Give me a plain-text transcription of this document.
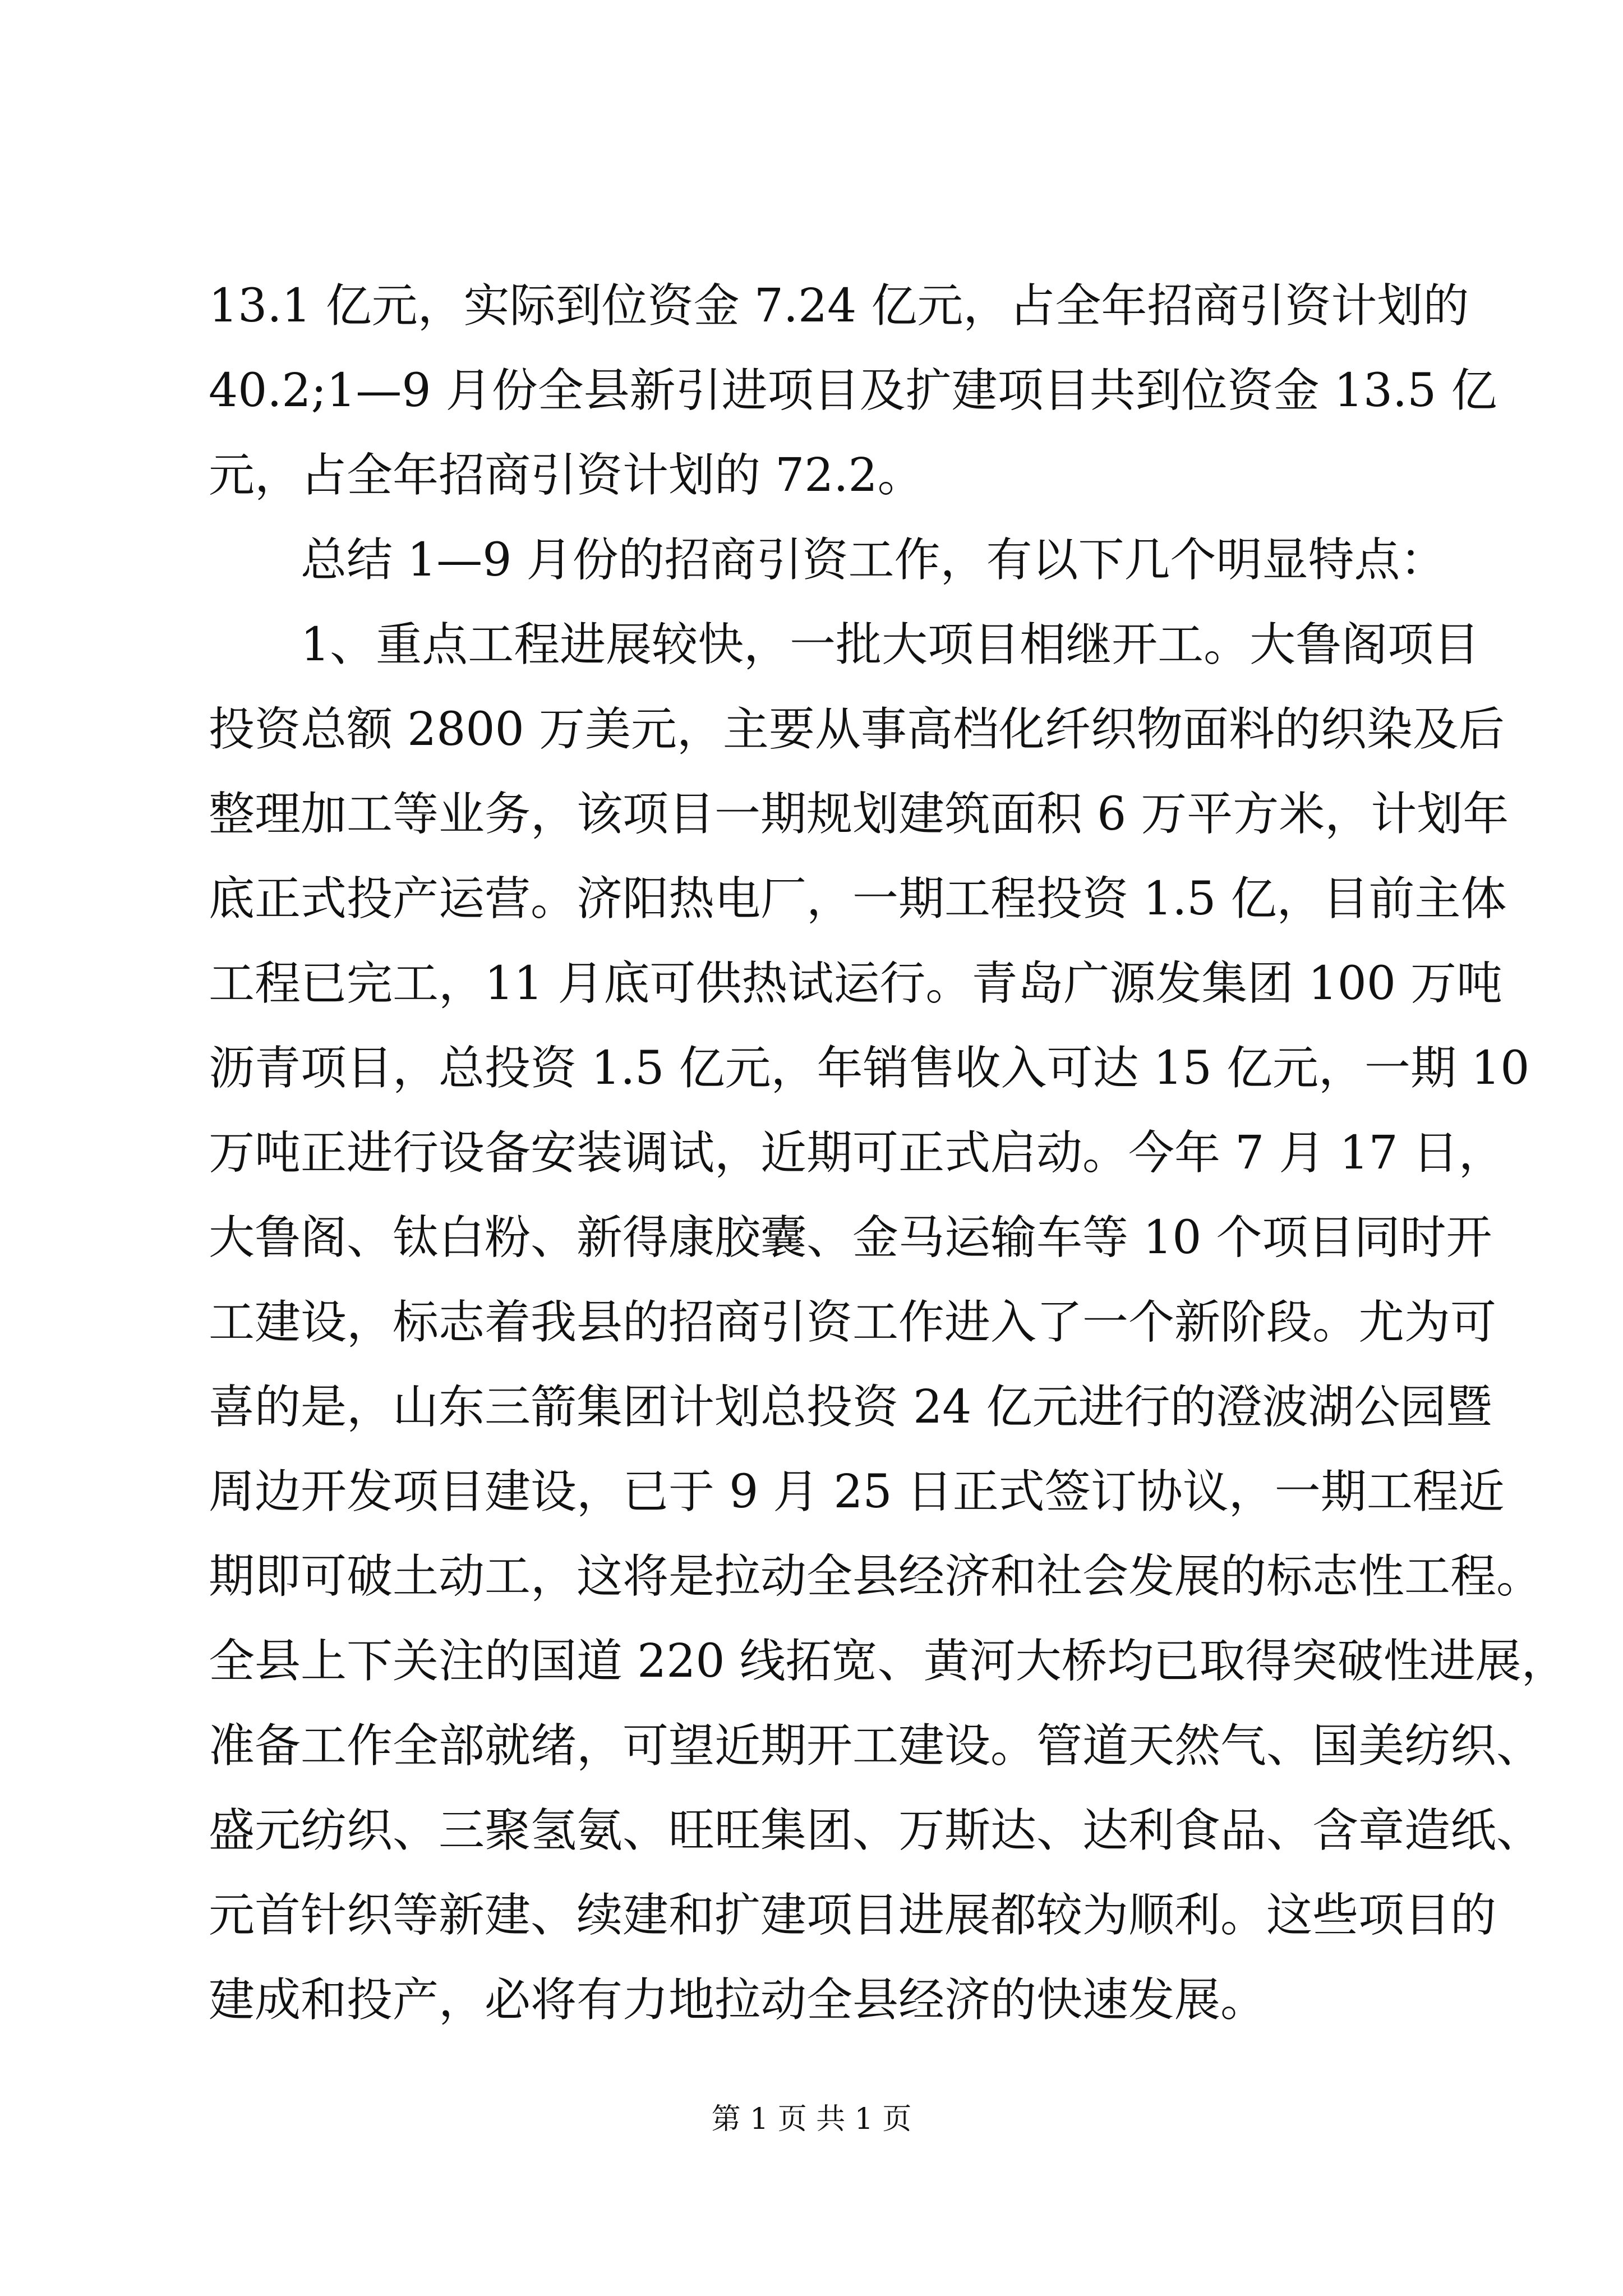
13.1 亿元，实际到位资金 7.24 亿元，占全年招商引资计划的
40.2;1—9 月份全县新引进项目及扩建项目共到位资金 13.5 亿
元，占全年招商引资计划的 72.2。
总结 1—9 月份的招商引资工作，有以下几个明显特点：
1、重点工程进展较快，一批大项目相继开工。大鲁阁项目
投资总额 2800 万美元，主要从事高档化纤织物面料的织染及后
整理加工等业务，该项目一期规划建筑面积 6 万平方米，计划年
底正式投产运营。济阳热电厂，一期工程投资 1.5 亿，目前主体
工程已完工，11 月底可供热试运行。青岛广源发集团 100 万吨
沥青项目，总投资 1.5 亿元，年销售收入可达 15 亿元，一期 10
万吨正进行设备安装调试，近期可正式启动。今年 7 月 17 日，
大鲁阁、钛白粉、新得康胶囊、金马运输车等 10 个项目同时开
工建设，标志着我县的招商引资工作进入了一个新阶段。尤为可
喜的是，山东三箭集团计划总投资 24 亿元进行的澄波湖公园暨
周边开发项目建设，已于 9 月 25 日正式签订协议，一期工程近
期即可破土动工，这将是拉动全县经济和社会发展的标志性工程。
全县上下关注的国道 220 线拓宽、黄河大桥均已取得突破性进展，
准备工作全部就绪，可望近期开工建设。管道天然气、国美纺织、
盛元纺织、三聚氢氨、旺旺集团、万斯达、达利食品、含章造纸、
元首针织等新建、续建和扩建项目进展都较为顺利。这些项目的
建成和投产，必将有力地拉动全县经济的快速发展。
第 1 页 共 1 页
